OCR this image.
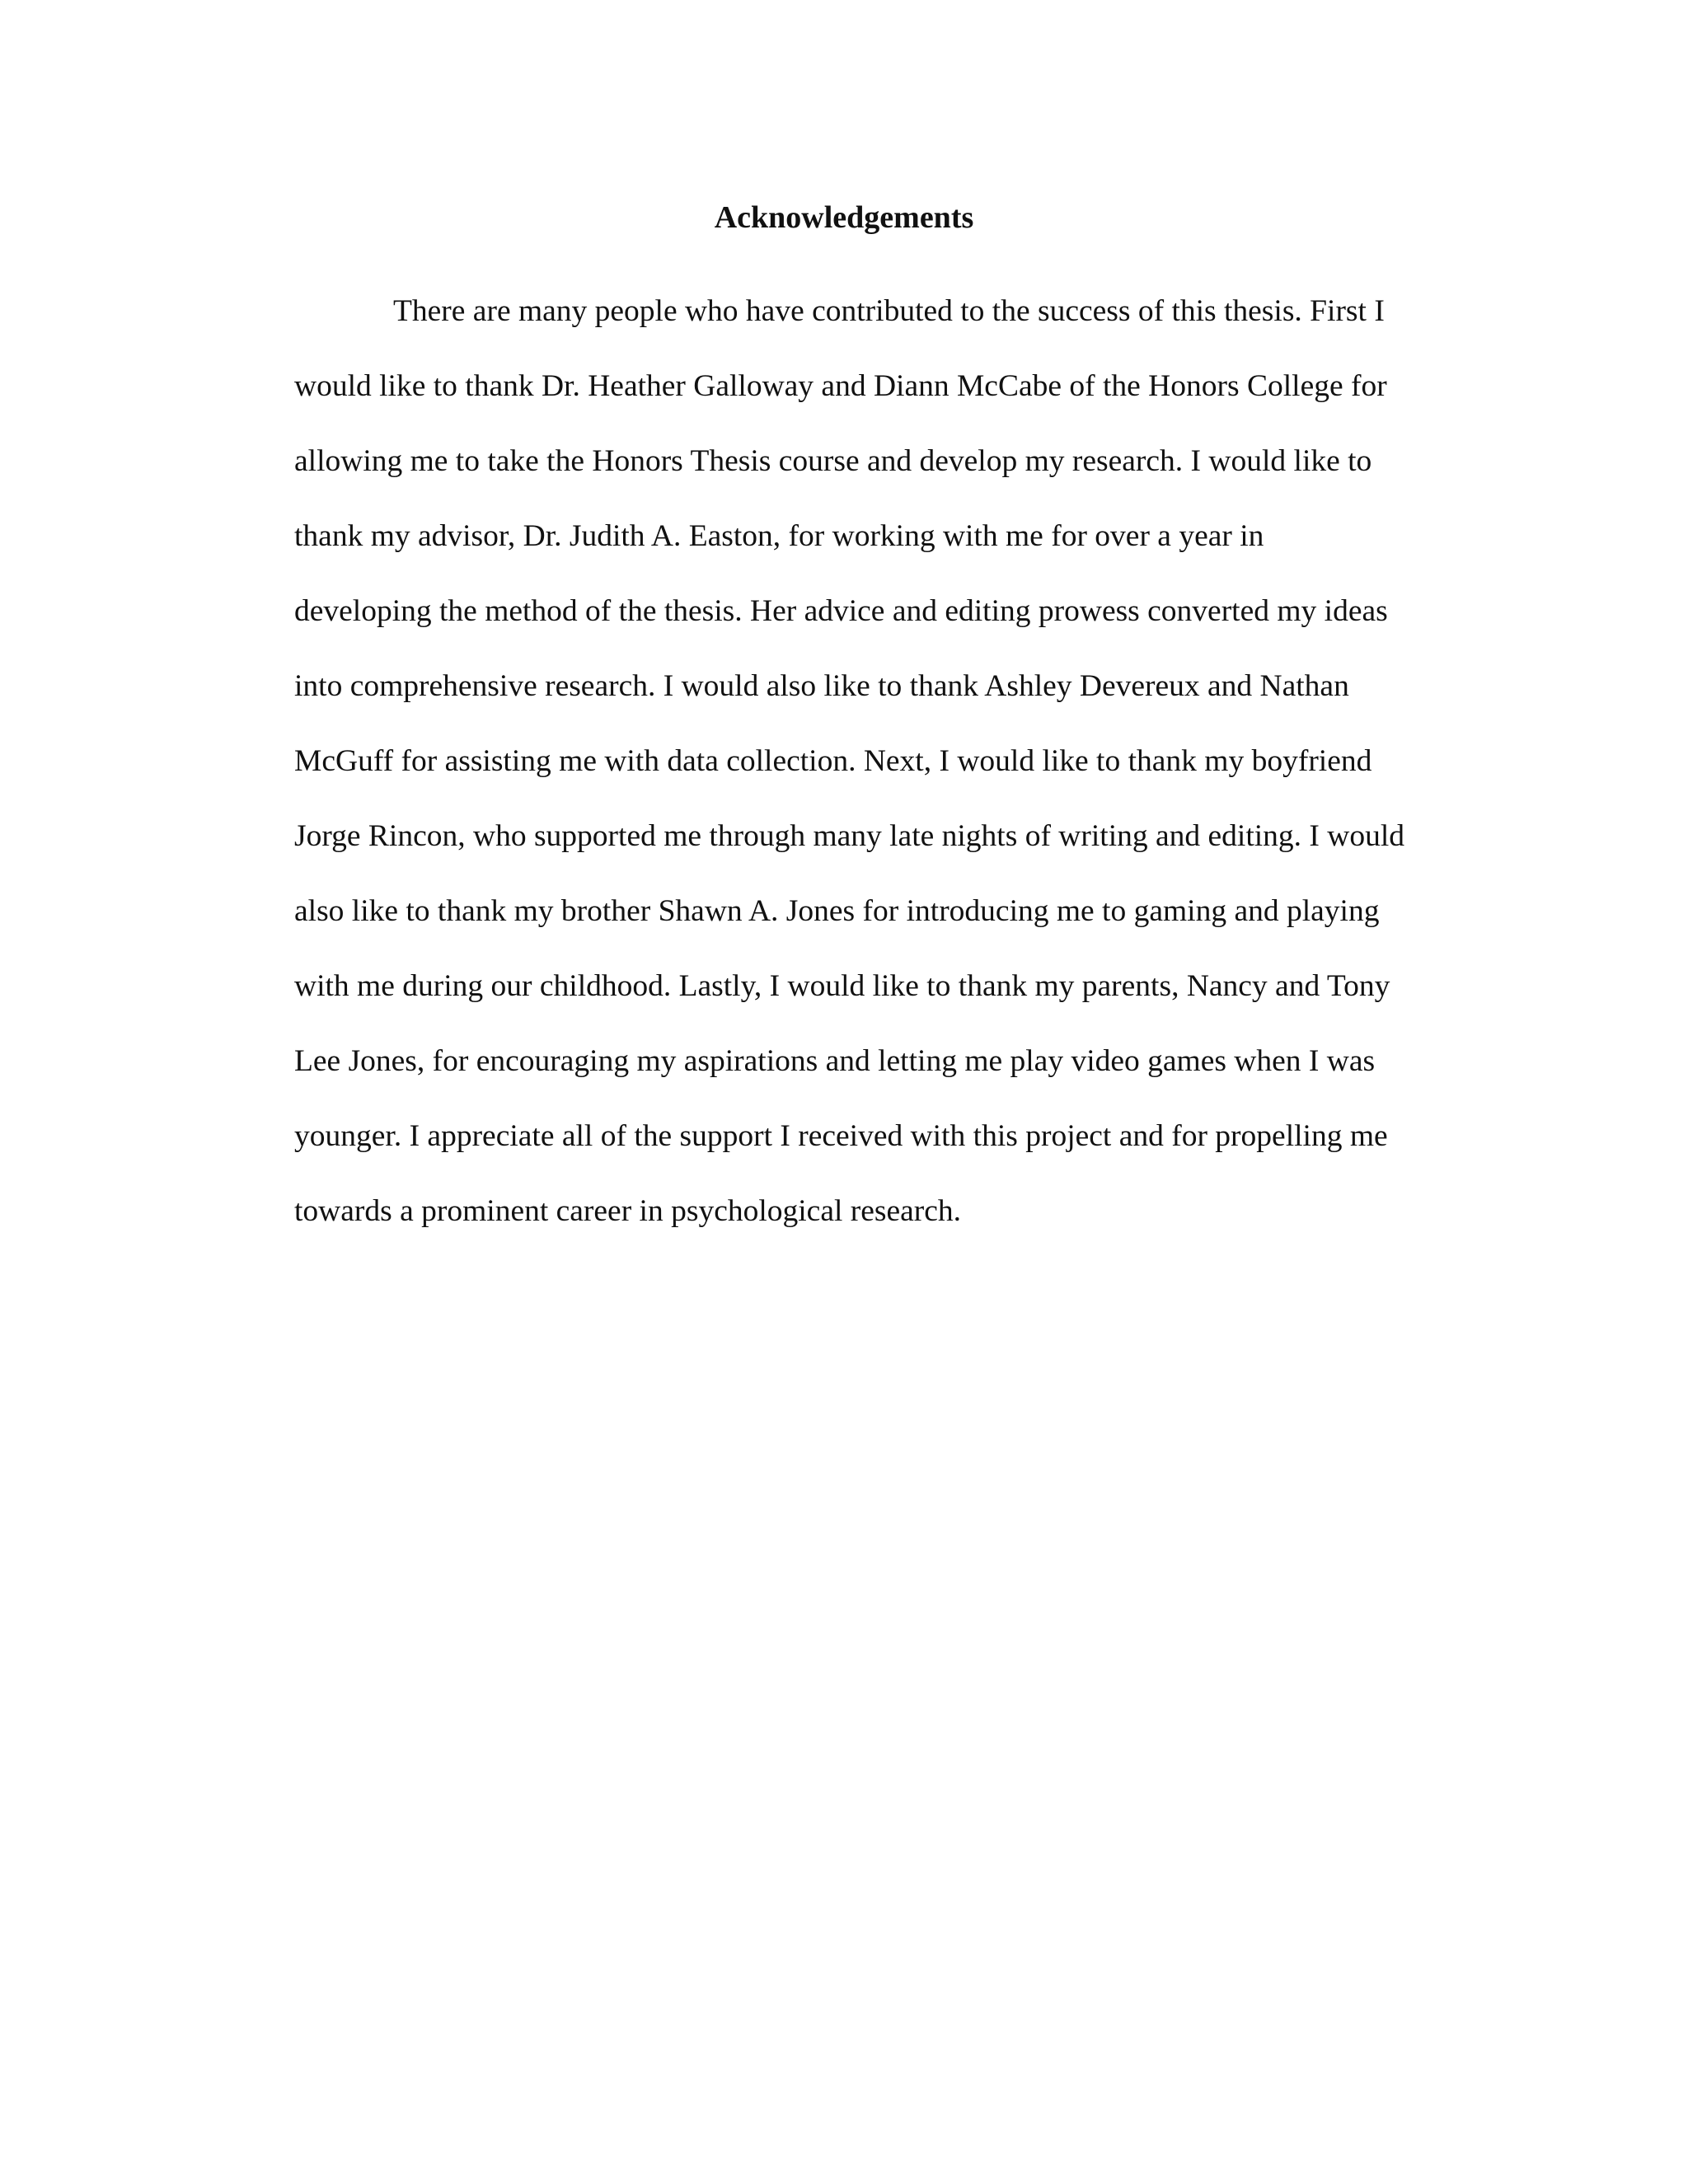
Acknowledgements
There are many people who have contributed to the success of this thesis. First I
would like to thank Dr. Heather Galloway and Diann McCabe of the Honors College for
allowing me to take the Honors Thesis course and develop my research. I would like to
thank my advisor, Dr. Judith A. Easton, for working with me for over a year in
developing the method of the thesis. Her advice and editing prowess converted my ideas
into comprehensive research. I would also like to thank Ashley Devereux and Nathan
McGuff for assisting me with data collection. Next, I would like to thank my boyfriend
Jorge Rincon, who supported me through many late nights of writing and editing. I would
also like to thank my brother Shawn A. Jones for introducing me to gaming and playing
with me during our childhood. Lastly, I would like to thank my parents, Nancy and Tony
Lee Jones, for encouraging my aspirations and letting me play video games when I was
younger. I appreciate all of the support I received with this project and for propelling me
towards a prominent career in psychological research.
